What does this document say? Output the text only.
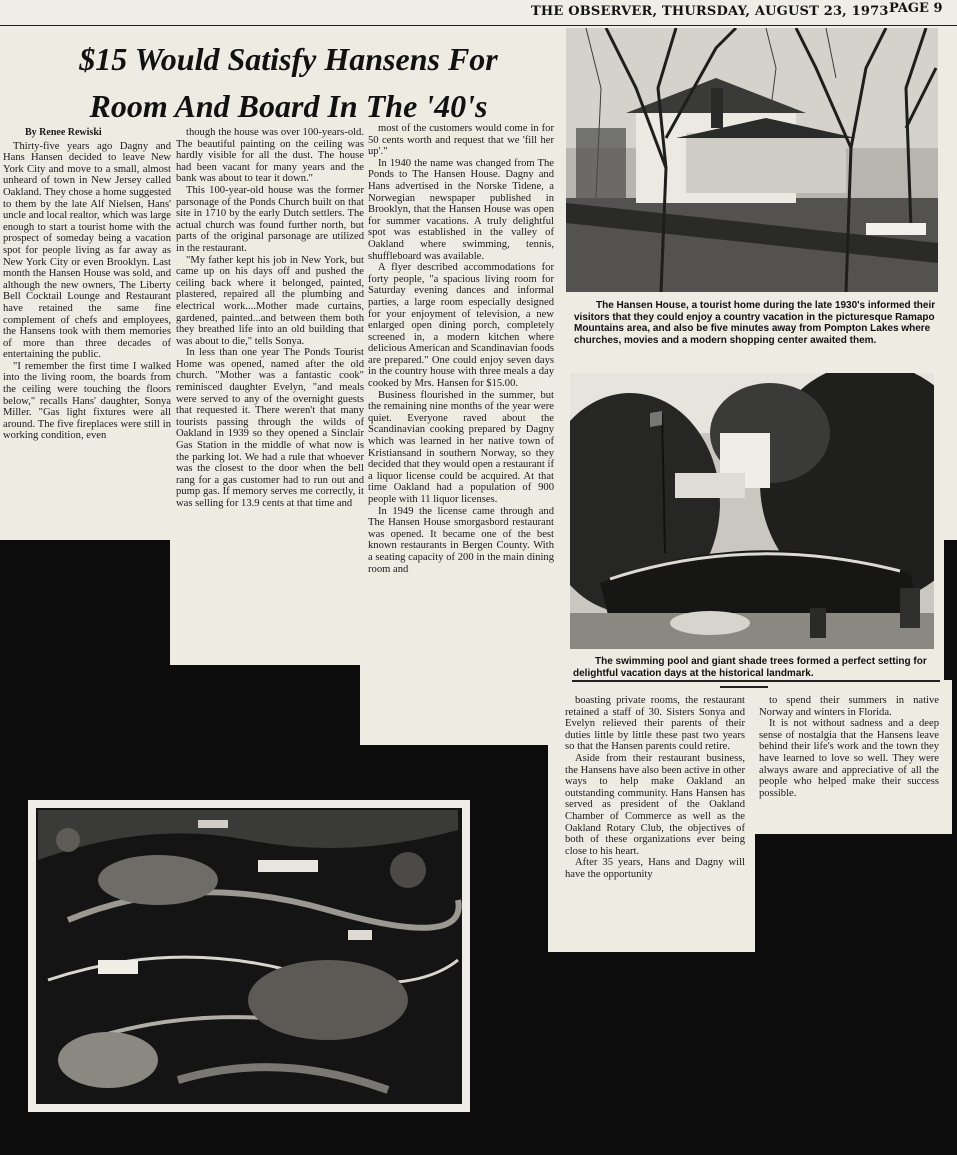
THE OBSERVER, THURSDAY, AUGUST 23, 1973 PAGE 9
$15 Would Satisfy Hansens For
Room And Board In The '40's

By Renee Rewiski

Thirty-five years ago Dagny and Hans Hansen decided to leave New York City and move to a small, almost unheard of town in New Jersey called Oakland. They chose a home suggested to them by the late Alf Nielsen, Hans' uncle and local realtor, which was large enough to start a tourist home with the prospect of someday being a vacation spot for people living as far away as New York City or even Brooklyn. Last month the Hansen House was sold, and although the new owners, The Liberty Bell Cocktail Lounge and Restaurant have retained the same fine complement of chefs and employees, the Hansens took with them memories of more than three decades of entertaining the public.

"I remember the first time I walked into the living room, the boards from the ceiling were touching the floors below," recalls Hans' daughter, Sonya Miller. "Gas light fixtures were all around. The five fireplaces were still in working condition, even

though the house was over 100-years-old. The beautiful painting on the ceiling was hardly visible for all the dust. The house had been vacant for many years and the bank was about to tear it down."

This 100-year-old house was the former parsonage of the Ponds Church built on that site in 1710 by the early Dutch settlers. The actual church was found further north, but parts of the original parsonage are utilized in the restaurant.

"My father kept his job in New York, but came up on his days off and pushed the ceiling back where it belonged, painted, plastered, repaired all the plumbing and electrical work....Mother made curtains, gardened, painted...and between them both they breathed life into an old building that was about to die," tells Sonya.

In less than one year The Ponds Tourist Home was opened, named after the old church. "Mother was a fantastic cook" reminisced daughter Evelyn, "and meals were served to any of the overnight guests that requested it. There weren't that many tourists passing through the wilds of Oakland in 1939 so they opened a Sinclair Gas Station in the middle of what now is the parking lot. We had a rule that whoever was the closest to the door when the bell rang for a gas customer had to run out and pump gas. If memory serves me correctly, it was selling for 13.9 cents at that time and

most of the customers would come in for 50 cents worth and request that we 'fill her up'."

In 1940 the name was changed from The Ponds to The Hansen House. Dagny and Hans advertised in the Norske Tidene, a Norwegian newspaper published in Brooklyn, that the Hansen House was open for summer vacations. A truly delightful spot was established in the valley of Oakland where swimming, tennis, shuffleboard was available.

A flyer described accommodations for forty people, "a spacious living room for Saturday evening dances and informal parties, a large room especially designed for your enjoyment of television, a new enlarged open dining porch, completely screened in, a modern kitchen where delicious American and Scandinavian foods are prepared." One could enjoy seven days in the country house with three meals a day cooked by Mrs. Hansen for $15.00.

Business flourished in the summer, but the remaining nine months of the year were quiet. Everyone raved about the Scandinavian cooking prepared by Dagny which was learned in her native town of Kristiansand in southern Norway, so they decided that they would open a restaurant if a liquor license could be acquired. At that time Oakland had a population of 900 people with 11 liquor licenses.

In 1949 the license came through and The Hansen House smorgasbord restaurant was opened. It became one of the best known restaurants in Bergen County. With a seating capacity of 200 in the main dining room and

The Hansen House, a tourist home during the late 1930's informed their visitors that they could enjoy a country vacation in the picturesque Ramapo Mountains area, and also be five minutes away from Pompton Lakes where churches, movies and a modern shopping center awaited them.

The swimming pool and giant shade trees formed a perfect setting for delightful vacation days at the historical landmark.

boasting private rooms, the restaurant retained a staff of 30. Sisters Sonya and Evelyn relieved their parents of their duties little by little these past two years so that the Hansen parents could retire.

Aside from their restaurant business, the Hansens have also been active in other ways to help make Oakland an outstanding community. Hans Hansen has served as president of the Oakland Chamber of Commerce as well as the Oakland Rotary Club, the objectives of both of these organizations ever being close to his heart.

After 35 years, Hans and Dagny will have the opportunity

to spend their summers in native Norway and winters in Florida.

It is not without sadness and a deep sense of nostalgia that the Hansens leave behind their life's work and the town they have learned to love so well. They were always aware and appreciative of all the people who helped make their success possible.
